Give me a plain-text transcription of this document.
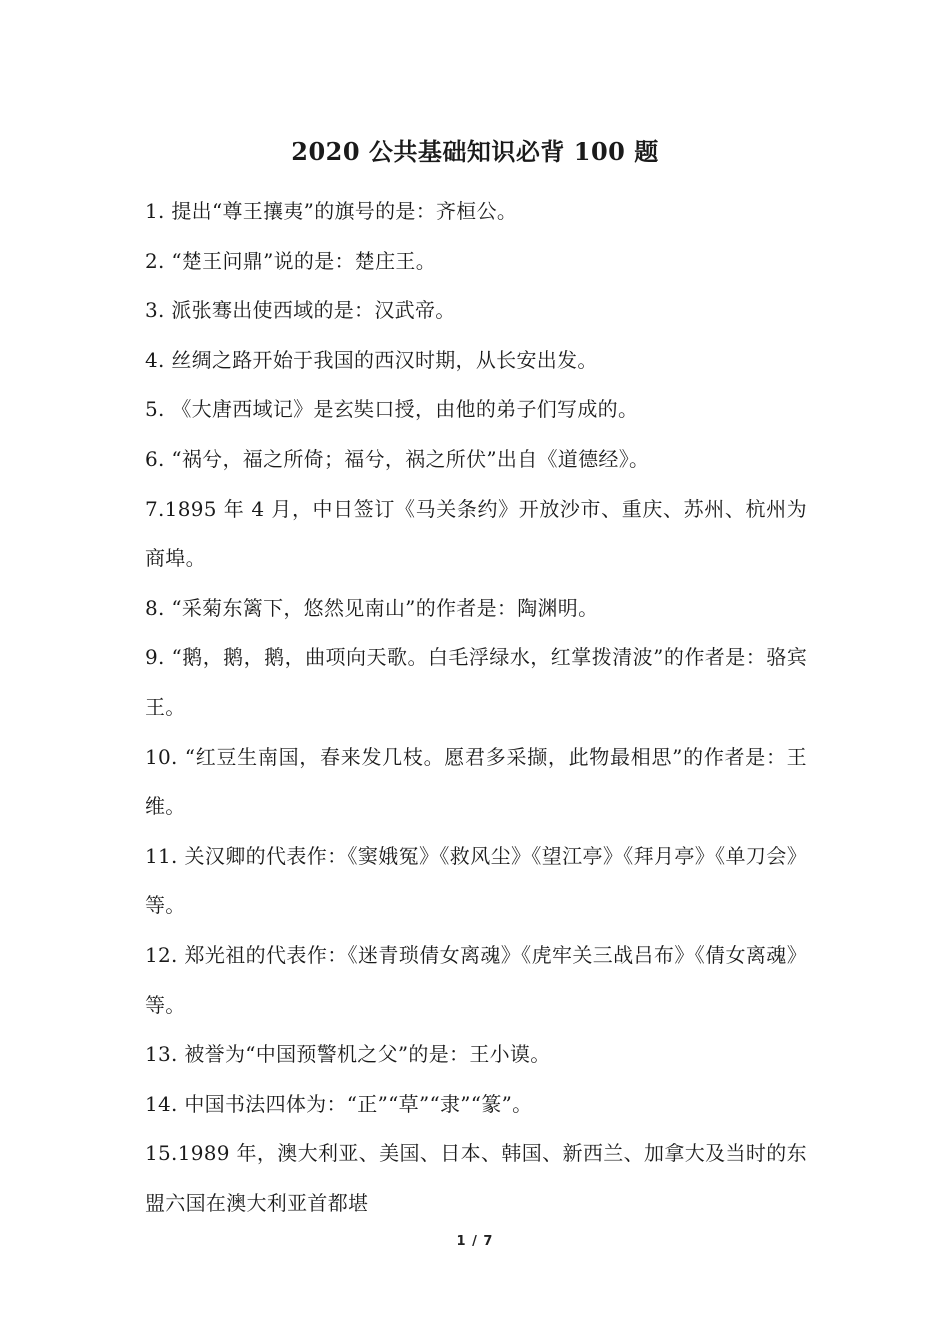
2020 公共基础知识必背 100 题

1. 提出“尊王攘夷”的旗号的是：齐桓公。

2. “楚王问鼎”说的是：楚庄王。

3. 派张骞出使西域的是：汉武帝。

4. 丝绸之路开始于我国的西汉时期，从长安出发。

5. 《大唐西域记》是玄奘口授，由他的弟子们写成的。

6. “祸兮，福之所倚；福兮，祸之所伏”出自《道德经》。

7.1895 年 4 月，中日签订《马关条约》开放沙市、重庆、苏州、杭州为商埠。

8. “采菊东篱下，悠然见南山”的作者是：陶渊明。

9. “鹅，鹅，鹅，曲项向天歌。白毛浮绿水，红掌拨清波”的作者是：骆宾王。

10. “红豆生南国，春来发几枝。愿君多采撷，此物最相思”的作者是：王维。

11. 关汉卿的代表作：《窦娥冤》《救风尘》《望江亭》《拜月亭》《单刀会》等。

12. 郑光祖的代表作：《迷青琐倩女离魂》《虎牢关三战吕布》《倩女离魂》等。

13. 被誉为“中国预警机之父”的是：王小谟。

14. 中国书法四体为：“正”“草”“隶”“篆”。

15.1989 年，澳大利亚、美国、日本、韩国、新西兰、加拿大及当时的东盟六国在澳大利亚首都堪

1 / 7
